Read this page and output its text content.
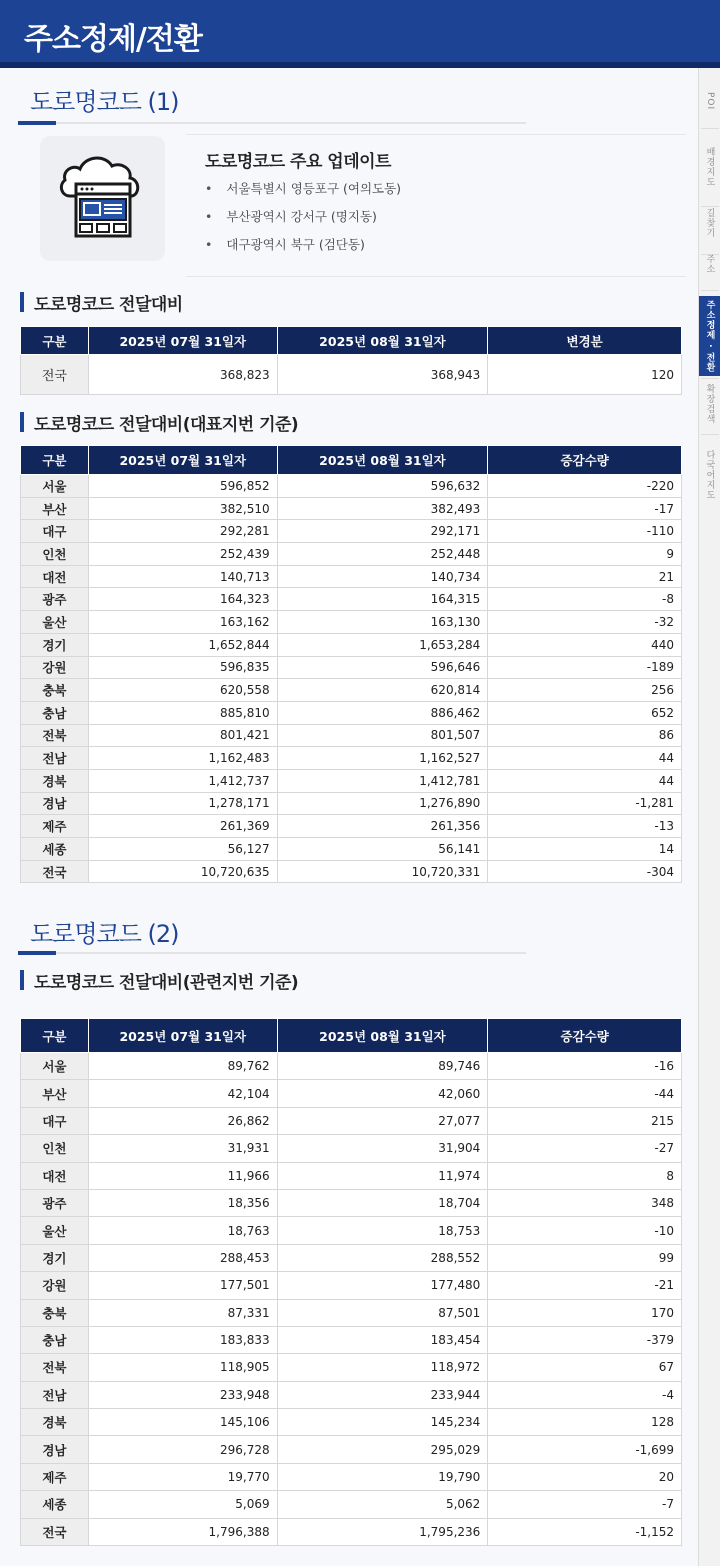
주소정제/전환
도로명코드 (1)
도로명코드 주요 업데이트
• 서울특별시 영등포구 (여의도동)
• 부산광역시 강서구 (명지동)
• 대구광역시 북구 (검단동)
도로명코드 전달대비
구분	2025년 07월 31일자	2025년 08월 31일자	변경분
전국	368,823	368,943	120
도로명코드 전달대비(대표지번 기준)
구분	2025년 07월 31일자	2025년 08월 31일자	증감수량
서울	596,852	596,632	-220
부산	382,510	382,493	-17
대구	292,281	292,171	-110
인천	252,439	252,448	9
대전	140,713	140,734	21
광주	164,323	164,315	-8
울산	163,162	163,130	-32
경기	1,652,844	1,653,284	440
강원	596,835	596,646	-189
충북	620,558	620,814	256
충남	885,810	886,462	652
전북	801,421	801,507	86
전남	1,162,483	1,162,527	44
경북	1,412,737	1,412,781	44
경남	1,278,171	1,276,890	-1,281
제주	261,369	261,356	-13
세종	56,127	56,141	14
전국	10,720,635	10,720,331	-304
도로명코드 (2)
도로명코드 전달대비(관련지번 기준)
구분	2025년 07월 31일자	2025년 08월 31일자	증감수량
서울	89,762	89,746	-16
부산	42,104	42,060	-44
대구	26,862	27,077	215
인천	31,931	31,904	-27
대전	11,966	11,974	8
광주	18,356	18,704	348
울산	18,763	18,753	-10
경기	288,453	288,552	99
강원	177,501	177,480	-21
충북	87,331	87,501	170
충남	183,833	183,454	-379
전북	118,905	118,972	67
전남	233,948	233,944	-4
경북	145,106	145,234	128
경남	296,728	295,029	-1,699
제주	19,770	19,790	20
세종	5,069	5,062	-7
전국	1,796,388	1,795,236	-1,152
POI
배경지도
길찾기
주소
주소정제 · 전환
확장검색
다국어지도
